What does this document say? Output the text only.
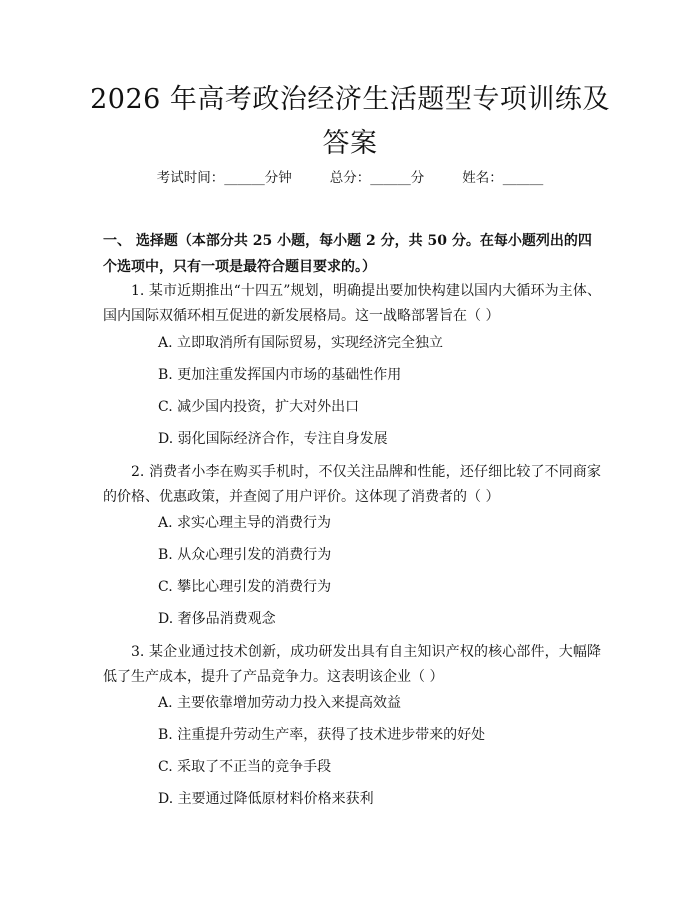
2026 年高考政治经济生活题型专项训练及答案
考试时间：______分钟	总分：______分	姓名：______
一、 选择题（本部分共 25 小题，每小题 2 分，共 50 分。在每小题列出的四个选项中，只有一项是最符合题目要求的。）
1. 某市近期推出“十四五”规划，明确提出要加快构建以国内大循环为主体、国内国际双循环相互促进的新发展格局。这一战略部署旨在（ ）
A. 立即取消所有国际贸易，实现经济完全独立
B. 更加注重发挥国内市场的基础性作用
C. 减少国内投资，扩大对外出口
D. 弱化国际经济合作，专注自身发展
2. 消费者小李在购买手机时，不仅关注品牌和性能，还仔细比较了不同商家的价格、优惠政策，并查阅了用户评价。这体现了消费者的（ ）
A. 求实心理主导的消费行为
B. 从众心理引发的消费行为
C. 攀比心理引发的消费行为
D. 奢侈品消费观念
3. 某企业通过技术创新，成功研发出具有自主知识产权的核心部件，大幅降低了生产成本，提升了产品竞争力。这表明该企业（ ）
A. 主要依靠增加劳动力投入来提高效益
B. 注重提升劳动生产率，获得了技术进步带来的好处
C. 采取了不正当的竞争手段
D. 主要通过降低原材料价格来获利
